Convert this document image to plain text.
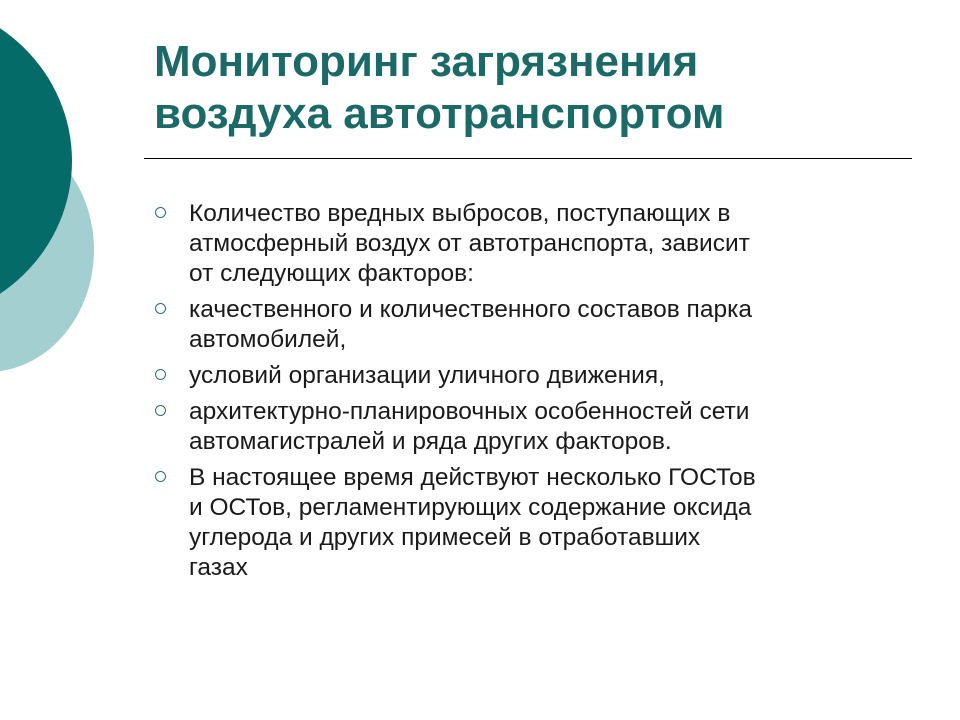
Мониторинг загрязнения
воздуха автотранспортом
Количество вредных выбросов, поступающих в
атмосферный воздух от автотранспорта, зависит
от следующих факторов:
качественного и количественного составов парка
автомобилей,
условий организации уличного движения,
архитектурно-планировочных особенностей сети
автомагистралей и ряда других факторов.
В настоящее время действуют несколько ГОСТов
и ОСТов, регламентирующих содержание оксида
углерода и других примесей в отработавших
газах
